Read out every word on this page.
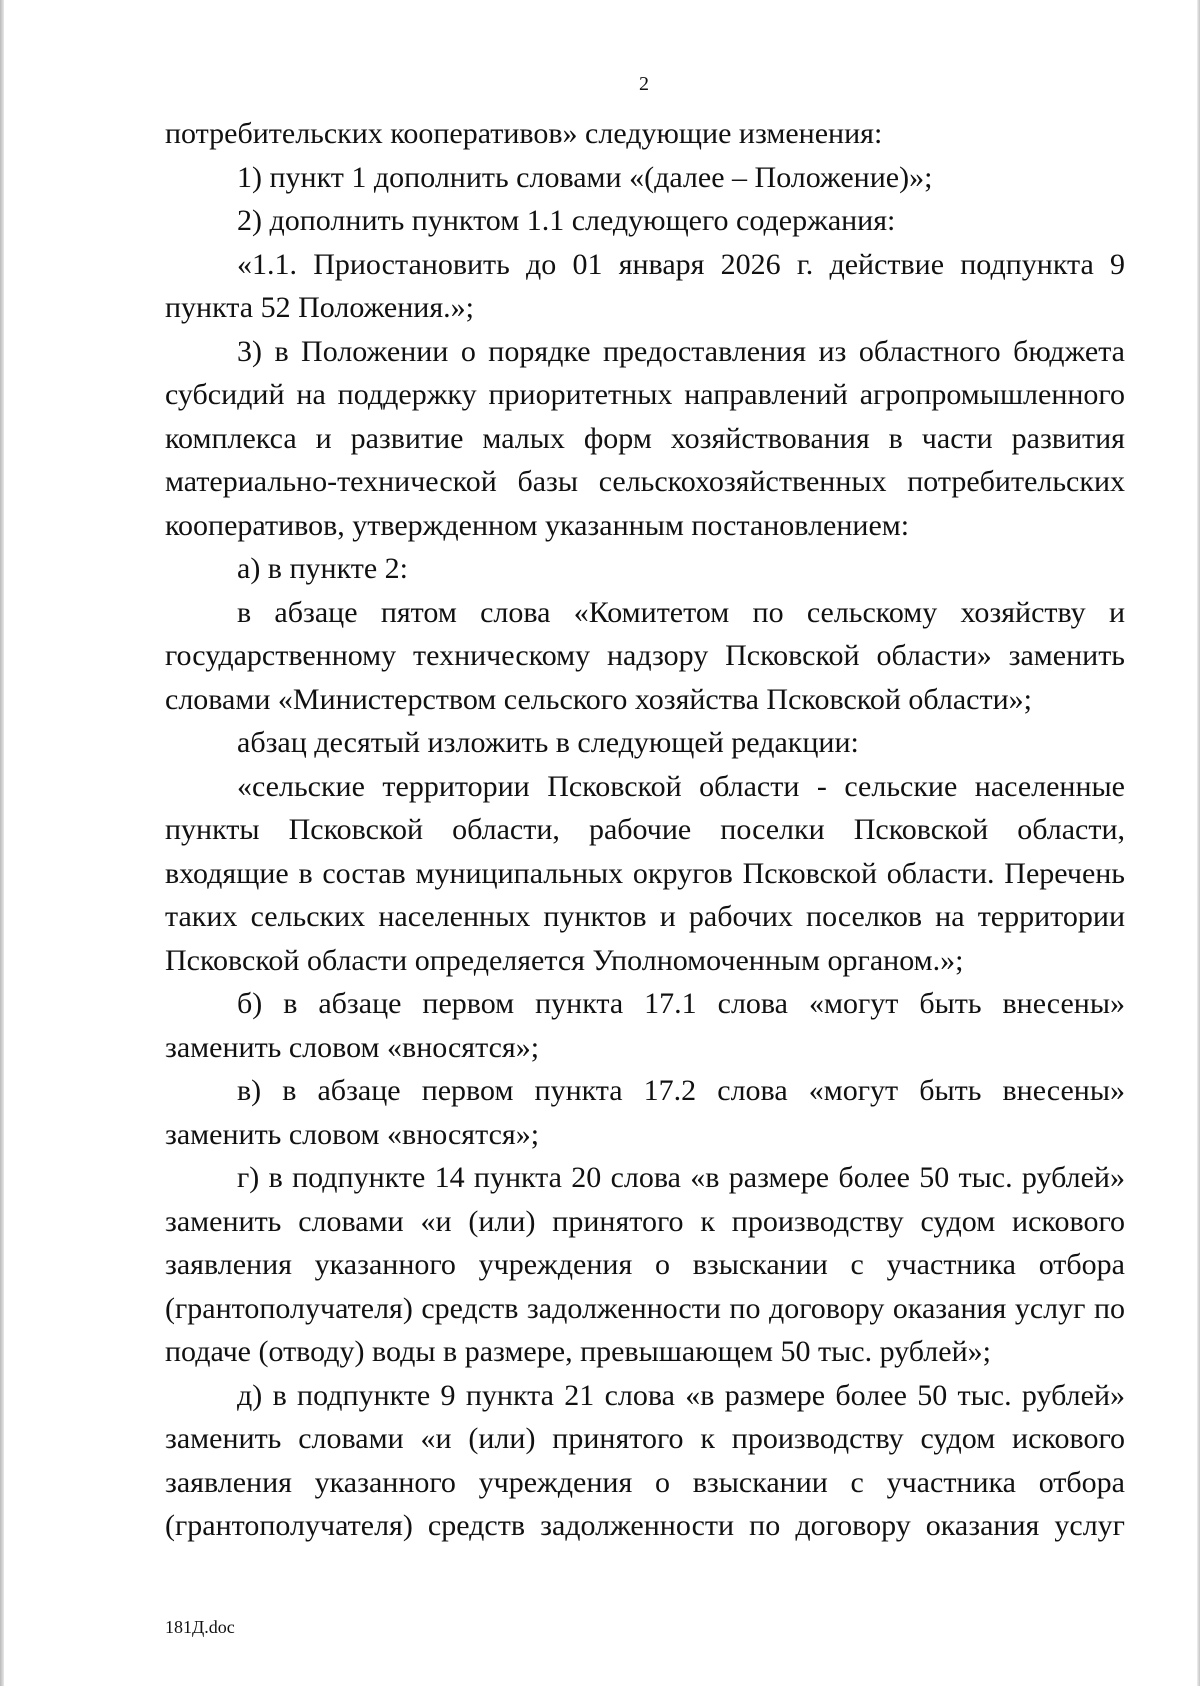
2

потребительских кооперативов» следующие изменения:

1) пункт 1 дополнить словами «(далее – Положение)»;

2) дополнить пунктом 1.1 следующего содержания:

«1.1. Приостановить до 01 января 2026 г. действие подпункта 9 пункта 52 Положения.»;

3) в Положении о порядке предоставления из областного бюджета субсидий на поддержку приоритетных направлений агропромышленного комплекса и развитие малых форм хозяйствования в части развития материально-технической базы сельскохозяйственных потребительских кооперативов, утвержденном указанным постановлением:

а) в пункте 2:

в абзаце пятом слова «Комитетом по сельскому хозяйству и государственному техническому надзору Псковской области» заменить словами «Министерством сельского хозяйства Псковской области»;

абзац десятый изложить в следующей редакции:

«сельские территории Псковской области - сельские населенные пункты Псковской области, рабочие поселки Псковской области, входящие в состав муниципальных округов Псковской области. Перечень таких сельских населенных пунктов и рабочих поселков на территории Псковской области определяется Уполномоченным органом.»;

б) в абзаце первом пункта 17.1 слова «могут быть внесены» заменить словом «вносятся»;

в) в абзаце первом пункта 17.2 слова «могут быть внесены» заменить словом «вносятся»;

г) в подпункте 14 пункта 20 слова «в размере более 50 тыс. рублей» заменить словами «и (или) принятого к производству судом искового заявления указанного учреждения о взыскании с участника отбора (грантополучателя) средств задолженности по договору оказания услуг по подаче (отводу) воды в размере, превышающем 50 тыс. рублей»;

д) в подпункте 9 пункта 21 слова «в размере более 50 тыс. рублей» заменить словами «и (или) принятого к производству судом искового заявления указанного учреждения о взыскании с участника отбора (грантополучателя) средств задолженности по договору оказания услуг

181Д.doc
